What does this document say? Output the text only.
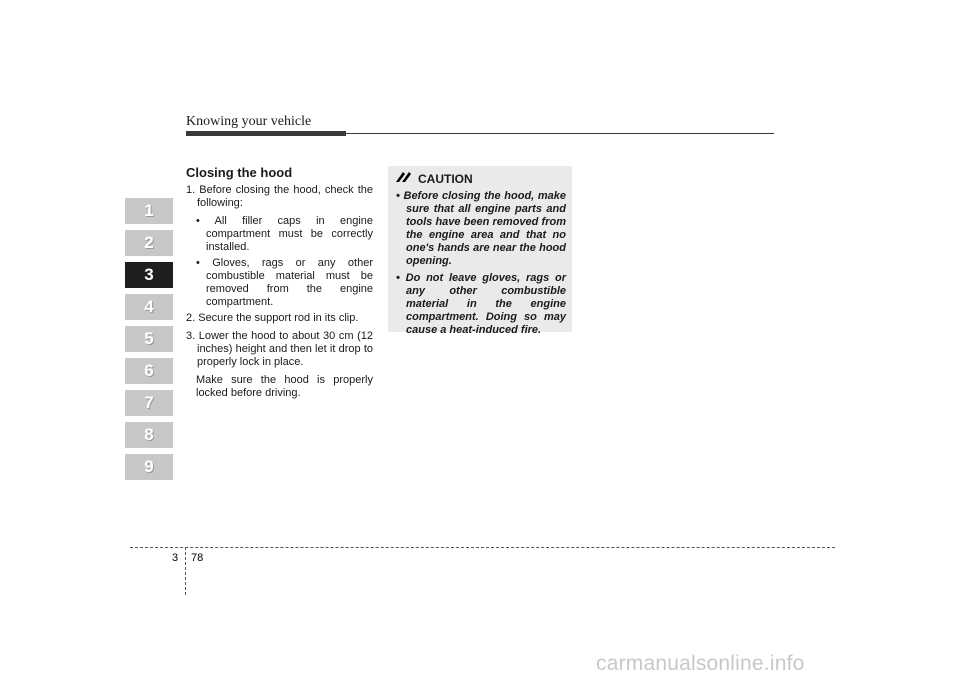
Knowing your vehicle
1
2
3
4
5
6
7
8
9
Closing the hood
1. Before closing the hood, check the following:
• All filler caps in engine compartment must be correctly installed.
• Gloves, rags or any other combustible material must be removed from the engine compartment.
2. Secure the support rod in its clip.
3. Lower the hood to about 30 cm (12 inches) height and then let it drop to properly lock in place.
Make sure the hood is properly locked before driving.
CAUTION
• Before closing the hood, make sure that all engine parts and tools have been removed from the engine area and that no one's hands are near the hood opening.
• Do not leave gloves, rags or any other combustible material in the engine compartment. Doing so may cause a heat-induced fire.
3 78
carmanualsonline.info
